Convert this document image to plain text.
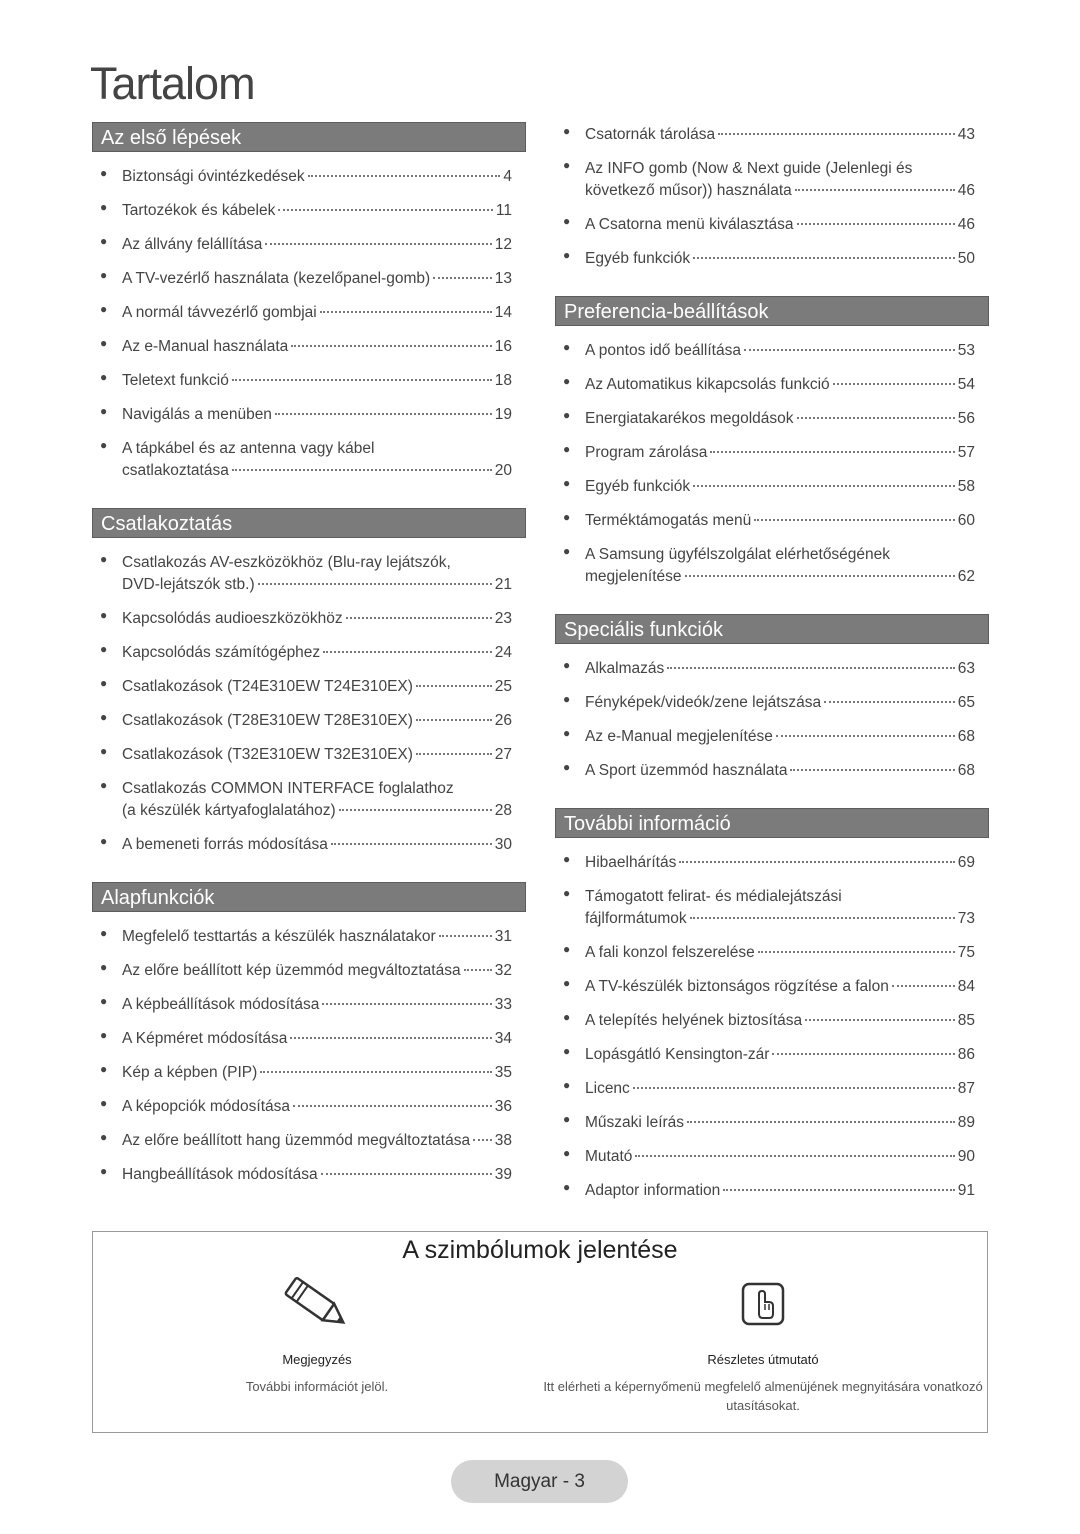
Tartalom
Az első lépések
● Biztonsági óvintézkedések	4
● Tartozékok és kábelek	11
● Az állvány felállítása	12
● A TV-vezérlő használata (kezelőpanel-gomb)	13
● A normál távvezérlő gombjai	14
● Az e-Manual használata	16
● Teletext funkció	18
● Navigálás a menüben	19
● A tápkábel és az antenna vagy kábel
csatlakoztatása	20
Csatlakoztatás
● Csatlakozás AV-eszközökhöz (Blu-ray lejátszók,
DVD-lejátszók stb.)	21
● Kapcsolódás audioeszközökhöz	23
● Kapcsolódás számítógéphez	24
● Csatlakozások (T24E310EW T24E310EX)	25
● Csatlakozások (T28E310EW T28E310EX)	26
● Csatlakozások (T32E310EW T32E310EX)	27
● Csatlakozás COMMON INTERFACE foglalathoz
(a készülék kártyafoglalatához)	28
● A bemeneti forrás módosítása	30
Alapfunkciók
● Megfelelő testtartás a készülék használatakor	31
● Az előre beállított kép üzemmód megváltoztatása 32
● A képbeállítások módosítása	33
● A Képméret módosítása	34
● Kép a képben (PIP)	35
● A képopciók módosítása	36
● Az előre beállított hang üzemmód megváltoztatása 38
● Hangbeállítások módosítása	39
● Csatornák tárolása	43
● Az INFO gomb (Now & Next guide (Jelenlegi és
következő műsor)) használata	46
● A Csatorna menü kiválasztása	46
● Egyéb funkciók	50
Preferencia-beállítások
● A pontos idő beállítása	53
● Az Automatikus kikapcsolás funkció	54
● Energiatakarékos megoldások	56
● Program zárolása	57
● Egyéb funkciók	58
● Terméktámogatás menü	60
● A Samsung ügyfélszolgálat elérhetőségének
megjelenítése	62
Speciális funkciók
● Alkalmazás	63
● Fényképek/videók/zene lejátszása	65
● Az e-Manual megjelenítése	68
● A Sport üzemmód használata	68
További információ
● Hibaelhárítás	69
● Támogatott felirat- és médialejátszási
fájlformátumok	73
● A fali konzol felszerelése	75
● A TV-készülék biztonságos rögzítése a falon	84
● A telepítés helyének biztosítása	85
● Lopásgátló Kensington-zár	86
● Licenc	87
● Műszaki leírás	89
● Mutató	90
● Adaptor information	91
A szimbólumok jelentése
Megjegyzés
További információt jelöl.
Részletes útmutató
Itt elérheti a képernyőmenü megfelelő almenüjének megnyitására vonatkozó utasításokat.
Magyar - 3
